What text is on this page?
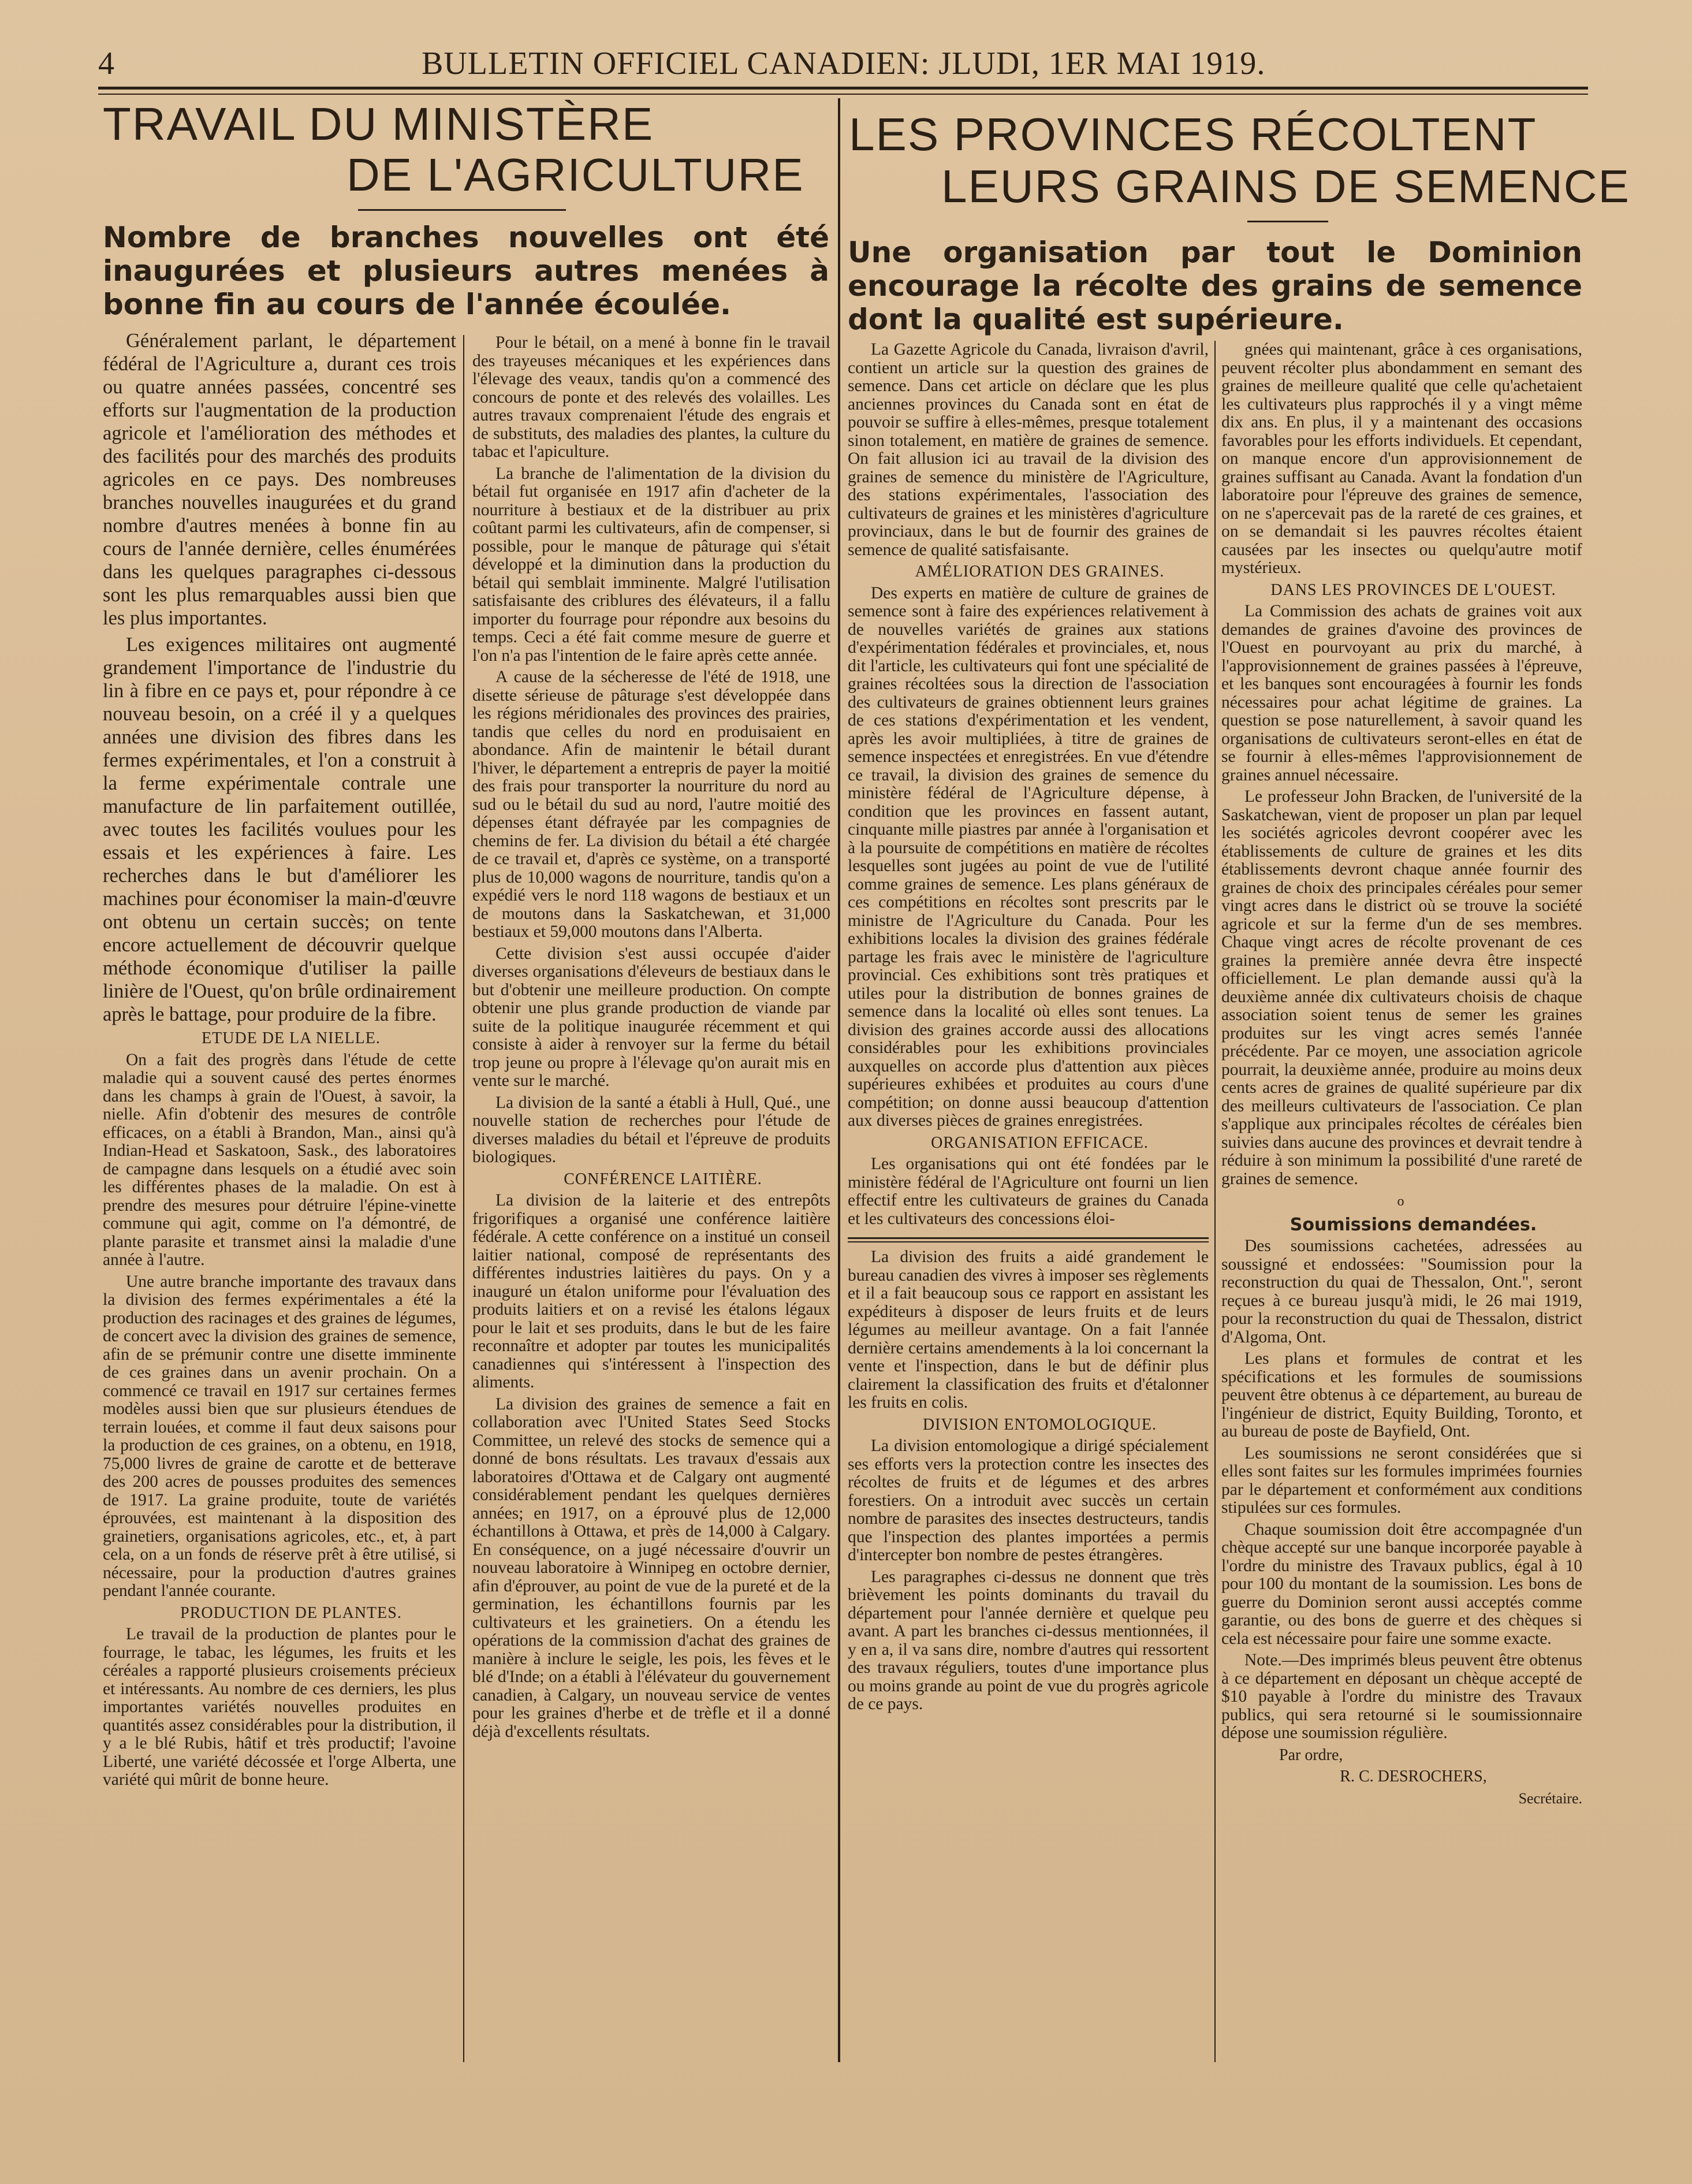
4	BULLETIN OFFICIEL CANADIEN: JLUDI, 1ER MAI 1919.
TRAVAIL DU MINISTÈRE
DE L'AGRICULTURE
Nombre de branches nouvelles ont été inaugurées et plusieurs autres menées à bonne fin au cours de l'année écoulée.

Généralement parlant, le département fédéral de l'Agriculture a, durant ces trois ou quatre années passées, concentré ses efforts sur l'augmentation de la production agricole et l'amélioration des méthodes et des facilités pour des marchés des produits agricoles en ce pays. Des nombreuses branches nouvelles inaugurées et du grand nombre d'autres menées à bonne fin au cours de l'année dernière, celles énumérées dans les quelques paragraphes ci-dessous sont les plus remarquables aussi bien que les plus importantes.

Les exigences militaires ont augmenté grandement l'importance de l'industrie du lin à fibre en ce pays et, pour répondre à ce nouveau besoin, on a créé il y a quelques années une division des fibres dans les fermes expérimentales, et l'on a construit à la ferme expérimentale contrale une manufacture de lin parfaitement outillée, avec toutes les facilités voulues pour les essais et les expériences à faire. Les recherches dans le but d'améliorer les machines pour économiser la main-d'œuvre ont obtenu un certain succès; on tente encore actuellement de découvrir quelque méthode économique d'utiliser la paille linière de l'Ouest, qu'on brûle ordinairement après le battage, pour produire de la fibre.

ETUDE DE LA NIELLE.

On a fait des progrès dans l'étude de cette maladie qui a souvent causé des pertes énormes dans les champs à grain de l'Ouest, à savoir, la nielle. Afin d'obtenir des mesures de contrôle efficaces, on a établi à Brandon, Man., ainsi qu'à Indian-Head et Saskatoon, Sask., des laboratoires de campagne dans lesquels on a étudié avec soin les différentes phases de la maladie. On est à prendre des mesures pour détruire l'épine-vinette commune qui agit, comme on l'a démontré, de plante parasite et transmet ainsi la maladie d'une année à l'autre.

Une autre branche importante des travaux dans la division des fermes expérimentales a été la production des racinages et des graines de légumes, de concert avec la division des graines de semence, afin de se prémunir contre une disette imminente de ces graines dans un avenir prochain. On a commencé ce travail en 1917 sur certaines fermes modèles aussi bien que sur plusieurs étendues de terrain louées, et comme il faut deux saisons pour la production de ces graines, on a obtenu, en 1918, 75,000 livres de graine de carotte et de betterave des 200 acres de pousses produites des semences de 1917. La graine produite, toute de variétés éprouvées, est maintenant à la disposition des grainetiers, organisations agricoles, etc., et, à part cela, on a un fonds de réserve prêt à être utilisé, si nécessaire, pour la production d'autres graines pendant l'année courante.

PRODUCTION DE PLANTES.

Le travail de la production de plantes pour le fourrage, le tabac, les légumes, les fruits et les céréales a rapporté plusieurs croisements précieux et intéressants. Au nombre de ces derniers, les plus importantes variétés nouvelles produites en quantités assez considérables pour la distribution, il y a le blé Rubis, hâtif et très productif; l'avoine Liberté, une variété décossée et l'orge Alberta, une variété qui mûrit de bonne heure.

Pour le bétail, on a mené à bonne fin le travail des trayeuses mécaniques et les expériences dans l'élevage des veaux, tandis qu'on a commencé des concours de ponte et des relevés des volailles. Les autres travaux comprenaient l'étude des engrais et de substituts, des maladies des plantes, la culture du tabac et l'apiculture.

La branche de l'alimentation de la division du bétail fut organisée en 1917 afin d'acheter de la nourriture à bestiaux et de la distribuer au prix coûtant parmi les cultivateurs, afin de compenser, si possible, pour le manque de pâturage qui s'était développé et la diminution dans la production du bétail qui semblait imminente. Malgré l'utilisation satisfaisante des criblures des élévateurs, il a fallu importer du fourrage pour répondre aux besoins du temps. Ceci a été fait comme mesure de guerre et l'on n'a pas l'intention de le faire après cette année.

A cause de la sécheresse de l'été de 1918, une disette sérieuse de pâturage s'est développée dans les régions méridionales des provinces des prairies, tandis que celles du nord en produisaient en abondance. Afin de maintenir le bétail durant l'hiver, le département a entrepris de payer la moitié des frais pour transporter la nourriture du nord au sud ou le bétail du sud au nord, l'autre moitié des dépenses étant défrayée par les compagnies de chemins de fer. La division du bétail a été chargée de ce travail et, d'après ce système, on a transporté plus de 10,000 wagons de nourriture, tandis qu'on a expédié vers le nord 118 wagons de bestiaux et un de moutons dans la Saskatchewan, et 31,000 bestiaux et 59,000 moutons dans l'Alberta.

Cette division s'est aussi occupée d'aider diverses organisations d'éleveurs de bestiaux dans le but d'obtenir une meilleure production. On compte obtenir une plus grande production de viande par suite de la politique inaugurée récemment et qui consiste à aider à renvoyer sur la ferme du bétail trop jeune ou propre à l'élevage qu'on aurait mis en vente sur le marché.

La division de la santé a établi à Hull, Qué., une nouvelle station de recherches pour l'étude de diverses maladies du bétail et l'épreuve de produits biologiques.

CONFÉRENCE LAITIÈRE.

La division de la laiterie et des entrepôts frigorifiques a organisé une conférence laitière fédérale. A cette conférence on a institué un conseil laitier national, composé de représentants des différentes industries laitières du pays. On y a inauguré un étalon uniforme pour l'évaluation des produits laitiers et on a revisé les étalons légaux pour le lait et ses produits, dans le but de les faire reconnaître et adopter par toutes les municipalités canadiennes qui s'intéressent à l'inspection des aliments.

La division des graines de semence a fait en collaboration avec l'United States Seed Stocks Committee, un relevé des stocks de semence qui a donné de bons résultats. Les travaux d'essais aux laboratoires d'Ottawa et de Calgary ont augmenté considérablement pendant les quelques dernières années; en 1917, on a éprouvé plus de 12,000 échantillons à Ottawa, et près de 14,000 à Calgary. En conséquence, on a jugé nécessaire d'ouvrir un nouveau laboratoire à Winnipeg en octobre dernier, afin d'éprouver, au point de vue de la pureté et de la germination, les échantillons fournis par les cultivateurs et les grainetiers. On a étendu les opérations de la commission d'achat des graines de manière à inclure le seigle, les pois, les fèves et le blé d'Inde; on a établi à l'élévateur du gouvernement canadien, à Calgary, un nouveau service de ventes pour les graines d'herbe et de trèfle et il a donné déjà d'excellents résultats.

LES PROVINCES RÉCOLTENT
LEURS GRAINS DE SEMENCE
Une organisation par tout le Dominion encourage la récolte des grains de semence dont la qualité est supérieure.

La Gazette Agricole du Canada, livraison d'avril, contient un article sur la question des graines de semence. Dans cet article on déclare que les plus anciennes provinces du Canada sont en état de pouvoir se suffire à elles-mêmes, presque totalement sinon totalement, en matière de graines de semence. On fait allusion ici au travail de la division des graines de semence du ministère de l'Agriculture, des stations expérimentales, l'association des cultivateurs de graines et les ministères d'agriculture provinciaux, dans le but de fournir des graines de semence de qualité satisfaisante.

AMÉLIORATION DES GRAINES.

Des experts en matière de culture de graines de semence sont à faire des expériences relativement à de nouvelles variétés de graines aux stations d'expérimentation fédérales et provinciales, et, nous dit l'article, les cultivateurs qui font une spécialité de graines récoltées sous la direction de l'association des cultivateurs de graines obtiennent leurs graines de ces stations d'expérimentation et les vendent, après les avoir multipliées, à titre de graines de semence inspectées et enregistrées. En vue d'étendre ce travail, la division des graines de semence du ministère fédéral de l'Agriculture dépense, à condition que les provinces en fassent autant, cinquante mille piastres par année à l'organisation et à la poursuite de compétitions en matière de récoltes lesquelles sont jugées au point de vue de l'utilité comme graines de semence. Les plans généraux de ces compétitions en récoltes sont prescrits par le ministre de l'Agriculture du Canada. Pour les exhibitions locales la division des graines fédérale partage les frais avec le ministère de l'agriculture provincial. Ces exhibitions sont très pratiques et utiles pour la distribution de bonnes graines de semence dans la localité où elles sont tenues. La division des graines accorde aussi des allocations considérables pour les exhibitions provinciales auxquelles on accorde plus d'attention aux pièces supérieures exhibées et produites au cours d'une compétition; on donne aussi beaucoup d'attention aux diverses pièces de graines enregistrées.

ORGANISATION EFFICACE.

Les organisations qui ont été fondées par le ministère fédéral de l'Agriculture ont fourni un lien effectif entre les cultivateurs de graines du Canada et les cultivateurs des concessions éloi-

La division des fruits a aidé grandement le bureau canadien des vivres à imposer ses règlements et il a fait beaucoup sous ce rapport en assistant les expéditeurs à disposer de leurs fruits et de leurs légumes au meilleur avantage. On a fait l'année dernière certains amendements à la loi concernant la vente et l'inspection, dans le but de définir plus clairement la classification des fruits et d'étalonner les fruits en colis.

DIVISION ENTOMOLOGIQUE.

La division entomologique a dirigé spécialement ses efforts vers la protection contre les insectes des récoltes de fruits et de légumes et des arbres forestiers. On a introduit avec succès un certain nombre de parasites des insectes destructeurs, tandis que l'inspection des plantes importées a permis d'intercepter bon nombre de pestes étrangères.

Les paragraphes ci-dessus ne donnent que très brièvement les points dominants du travail du département pour l'année dernière et quelque peu avant. A part les branches ci-dessus mentionnées, il y en a, il va sans dire, nombre d'autres qui ressortent des travaux réguliers, toutes d'une importance plus ou moins grande au point de vue du progrès agricole de ce pays.

gnées qui maintenant, grâce à ces organisations, peuvent récolter plus abondamment en semant des graines de meilleure qualité que celle qu'achetaient les cultivateurs plus rapprochés il y a vingt même dix ans. En plus, il y a maintenant des occasions favorables pour les efforts individuels. Et cependant, on manque encore d'un approvisionnement de graines suffisant au Canada. Avant la fondation d'un laboratoire pour l'épreuve des graines de semence, on ne s'apercevait pas de la rareté de ces graines, et on se demandait si les pauvres récoltes étaient causées par les insectes ou quelqu'autre motif mystérieux.

DANS LES PROVINCES DE L'OUEST.

La Commission des achats de graines voit aux demandes de graines d'avoine des provinces de l'Ouest en pourvoyant au prix du marché, à l'approvisionnement de graines passées à l'épreuve, et les banques sont encouragées à fournir les fonds nécessaires pour achat légitime de graines. La question se pose naturellement, à savoir quand les organisations de cultivateurs seront-elles en état de se fournir à elles-mêmes l'approvisionnement de graines annuel nécessaire.

Le professeur John Bracken, de l'université de la Saskatchewan, vient de proposer un plan par lequel les sociétés agricoles devront coopérer avec les établissements de culture de graines et les dits établissements devront chaque année fournir des graines de choix des principales céréales pour semer vingt acres dans le district où se trouve la société agricole et sur la ferme d'un de ses membres. Chaque vingt acres de récolte provenant de ces graines la première année devra être inspecté officiellement. Le plan demande aussi qu'à la deuxième année dix cultivateurs choisis de chaque association soient tenus de semer les graines produites sur les vingt acres semés l'année précédente. Par ce moyen, une association agricole pourrait, la deuxième année, produire au moins deux cents acres de graines de qualité supérieure par dix des meilleurs cultivateurs de l'association. Ce plan s'applique aux principales récoltes de céréales bien suivies dans aucune des provinces et devrait tendre à réduire à son minimum la possibilité d'une rareté de graines de semence.

o

Soumissions demandées.

Des soumissions cachetées, adressées au soussigné et endossées: "Soumission pour la reconstruction du quai de Thessalon, Ont.", seront reçues à ce bureau jusqu'à midi, le 26 mai 1919, pour la reconstruction du quai de Thessalon, district d'Algoma, Ont.

Les plans et formules de contrat et les spécifications et les formules de soumissions peuvent être obtenus à ce département, au bureau de l'ingénieur de district, Equity Building, Toronto, et au bureau de poste de Bayfield, Ont.

Les soumissions ne seront considérées que si elles sont faites sur les formules imprimées fournies par le département et conformément aux conditions stipulées sur ces formules.

Chaque soumission doit être accompagnée d'un chèque accepté sur une banque incorporée payable à l'ordre du ministre des Travaux publics, égal à 10 pour 100 du montant de la soumission. Les bons de guerre du Dominion seront aussi acceptés comme garantie, ou des bons de guerre et des chèques si cela est nécessaire pour faire une somme exacte.

Note.—Des imprimés bleus peuvent être obtenus à ce département en déposant un chèque accepté de $10 payable à l'ordre du ministre des Travaux publics, qui sera retourné si le soumissionnaire dépose une soumission régulière.

Par ordre,

R. C. DESROCHERS,

Secrétaire.
